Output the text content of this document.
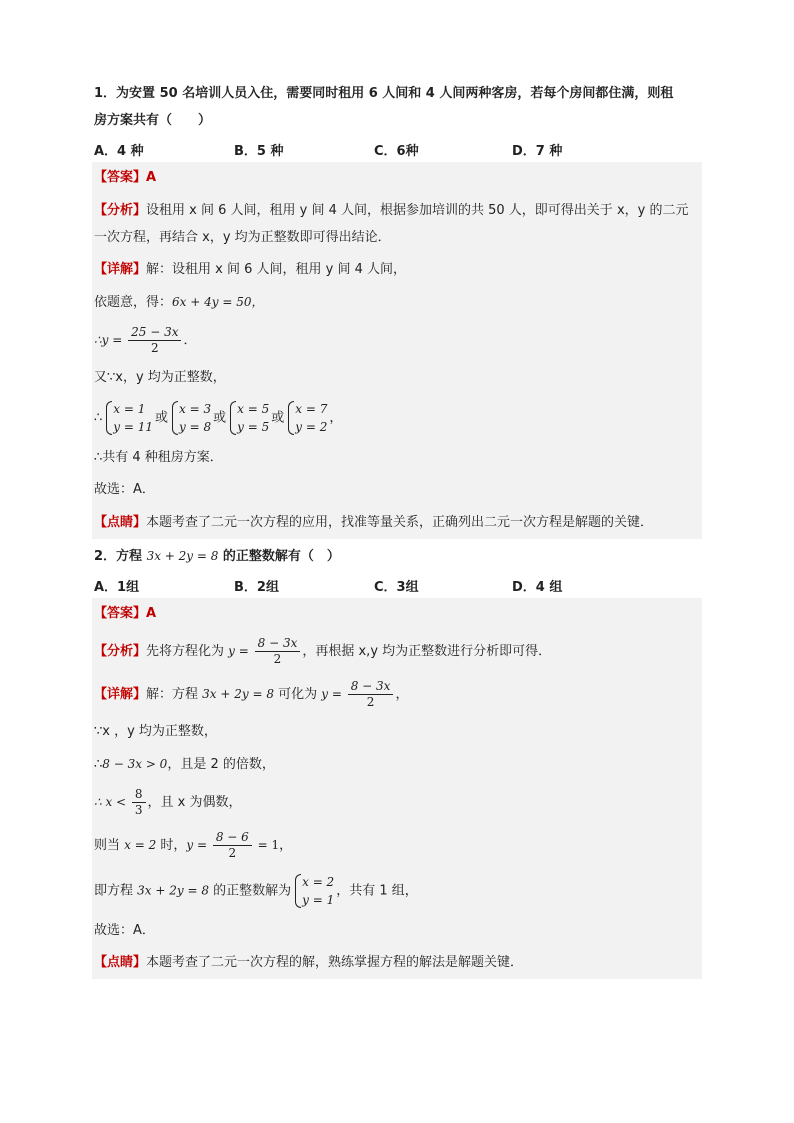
1．为安置 50 名培训人员入住，需要同时租用 6 人间和 4 人间两种客房，若每个房间都住满，则租
房方案共有（　　）
A．4 种	B．5 种	C．6种	D．7 种
【答案】A
【分析】设租用 x 间 6 人间，租用 y 间 4 人间，根据参加培训的共 50 人，即可得出关于 x，y 的二元一次方程，再结合 x，y 均为正整数即可得出结论．
【详解】解：设租用 x 间 6 人间，租用 y 间 4 人间，
依题意，得：6x + 4y = 50，
∴y = $\frac{25 - 3x}{2}$ ．
又∵x，y 均为正整数，
∴
x = 1
y = 11
或
x = 3
y = 8
或
x = 5
y = 5
或
x = 7
y = 2
，
∴共有 4 种租房方案．
故选：A．
【点睛】本题考查了二元一次方程的应用，找准等量关系，正确列出二元一次方程是解题的关键．
2．方程 3x + 2y = 8 的正整数解有（　）
A．1组	B．2组	C．3组	D．4 组
【答案】A
【分析】先将方程化为 $y = \frac{8 - 3x}{2}$ ，再根据 x,y 均为正整数进行分析即可得．
【详解】解：方程 3x + 2y = 8 可化为 $y = \frac{8 - 3x}{2}$ ，
∵x ，y 均为正整数，
∴8 − 3x > 0，且是 2 的倍数，
∴ $x < \frac{8}{3}$ ，且 x 为偶数，
则当 x = 2 时，$y = \frac{8 - 6}{2} = 1$，
即方程 3x + 2y = 8 的正整数解为
x = 2
y = 1
，共有 1 组，
故选：A．
【点睛】本题考查了二元一次方程的解，熟练掌握方程的解法是解题关键．
